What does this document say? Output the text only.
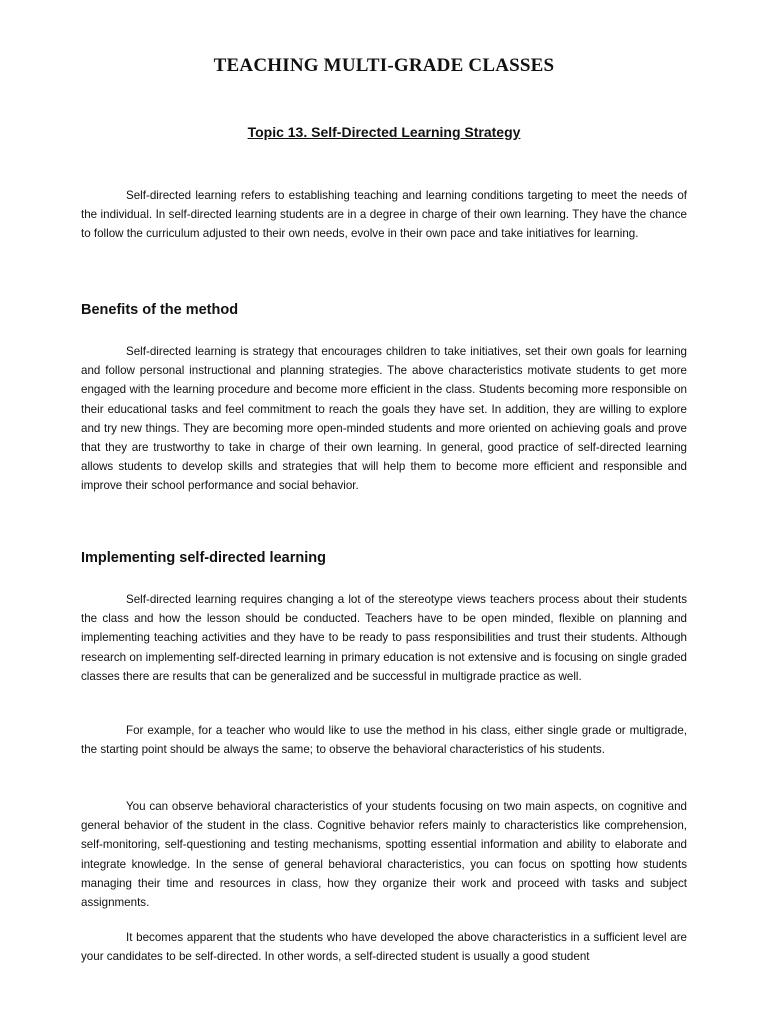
TEACHING MULTI-GRADE CLASSES
Topic 13. Self-Directed Learning Strategy

Self-directed learning refers to establishing teaching and learning conditions targeting to meet the needs of the individual. In self-directed learning students are in a degree in charge of their own learning. They have the chance to follow the curriculum adjusted to their own needs, evolve in their own pace and take initiatives for learning.

Benefits of the method

Self-directed learning is strategy that encourages children to take initiatives, set their own goals for learning and follow personal instructional and planning strategies. The above characteristics motivate students to get more engaged with the learning procedure and become more efficient in the class. Students becoming more responsible on their educational tasks and feel commitment to reach the goals they have set. In addition, they are willing to explore and try new things. They are becoming more open-minded students and more oriented on achieving goals and prove that they are trustworthy to take in charge of their own learning. In general, good practice of self-directed learning allows students to develop skills and strategies that will help them to become more efficient and responsible and improve their school performance and social behavior.

Implementing self-directed learning

Self-directed learning requires changing a lot of the stereotype views teachers process about their students the class and how the lesson should be conducted. Teachers have to be open minded, flexible on planning and implementing teaching activities and they have to be ready to pass responsibilities and trust their students. Although research on implementing self-directed learning in primary education is not extensive and is focusing on single graded classes there are results that can be generalized and be successful in multigrade practice as well.

For example, for a teacher who would like to use the method in his class, either single grade or multigrade, the starting point should be always the same; to observe the behavioral characteristics of his students.

You can observe behavioral characteristics of your students focusing on two main aspects, on cognitive and general behavior of the student in the class. Cognitive behavior refers mainly to characteristics like comprehension, self-monitoring, self-questioning and testing mechanisms, spotting essential information and ability to elaborate and integrate knowledge. In the sense of general behavioral characteristics, you can focus on spotting how students managing their time and resources in class, how they organize their work and proceed with tasks and subject assignments.

It becomes apparent that the students who have developed the above characteristics in a sufficient level are your candidates to be self-directed. In other words, a self-directed student is usually a good student
